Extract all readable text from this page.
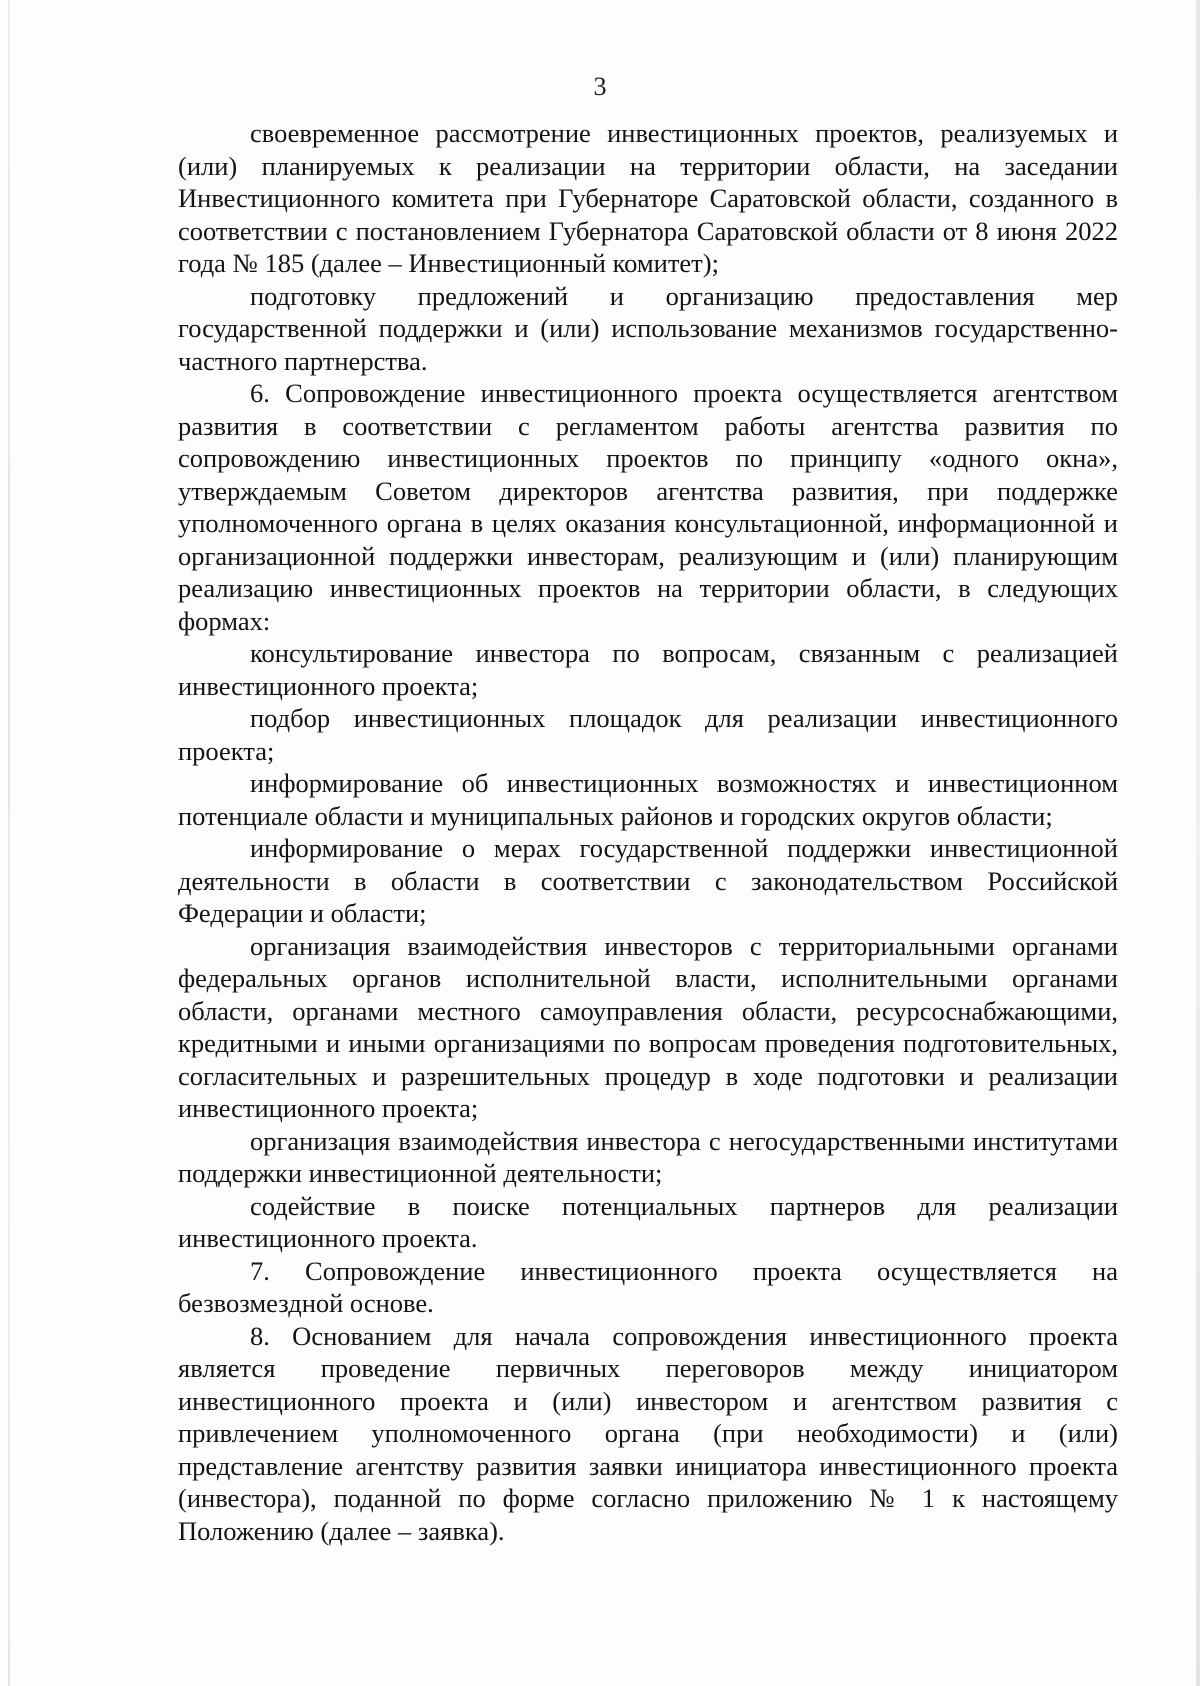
3

своевременное рассмотрение инвестиционных проектов, реализуемых и (или) планируемых к реализации на территории области, на заседании Инвестиционного комитета при Губернаторе Саратовской области, созданного в соответствии с постановлением Губернатора Саратовской области от 8 июня 2022 года № 185 (далее – Инвестиционный комитет);

подготовку предложений и организацию предоставления мер государственной поддержки и (или) использование механизмов государственно-частного партнерства.

6. Сопровождение инвестиционного проекта осуществляется агентством развития в соответствии с регламентом работы агентства развития по сопровождению инвестиционных проектов по принципу «одного окна», утверждаемым Советом директоров агентства развития, при поддержке уполномоченного органа в целях оказания консультационной, информационной и организационной поддержки инвесторам, реализующим и (или) планирующим реализацию инвестиционных проектов на территории области, в следующих формах:

консультирование инвестора по вопросам, связанным с реализацией инвестиционного проекта;

подбор инвестиционных площадок для реализации инвестиционного проекта;

информирование об инвестиционных возможностях и инвестиционном потенциале области и муниципальных районов и городских округов области;

информирование о мерах государственной поддержки инвестиционной деятельности в области в соответствии с законодательством Российской Федерации и области;

организация взаимодействия инвесторов с территориальными органами федеральных органов исполнительной власти, исполнительными органами области, органами местного самоуправления области, ресурсоснабжающими, кредитными и иными организациями по вопросам проведения подготовительных, согласительных и разрешительных процедур в ходе подготовки и реализации инвестиционного проекта;

организация взаимодействия инвестора с негосударственными институтами поддержки инвестиционной деятельности;

содействие в поиске потенциальных партнеров для реализации инвестиционного проекта.

7. Сопровождение инвестиционного проекта осуществляется на безвозмездной основе.

8. Основанием для начала сопровождения инвестиционного проекта является проведение первичных переговоров между инициатором инвестиционного проекта и (или) инвестором и агентством развития с привлечением уполномоченного органа (при необходимости) и (или) представление агентству развития заявки инициатора инвестиционного проекта (инвестора), поданной по форме согласно приложению № 1 к настоящему Положению (далее – заявка).
